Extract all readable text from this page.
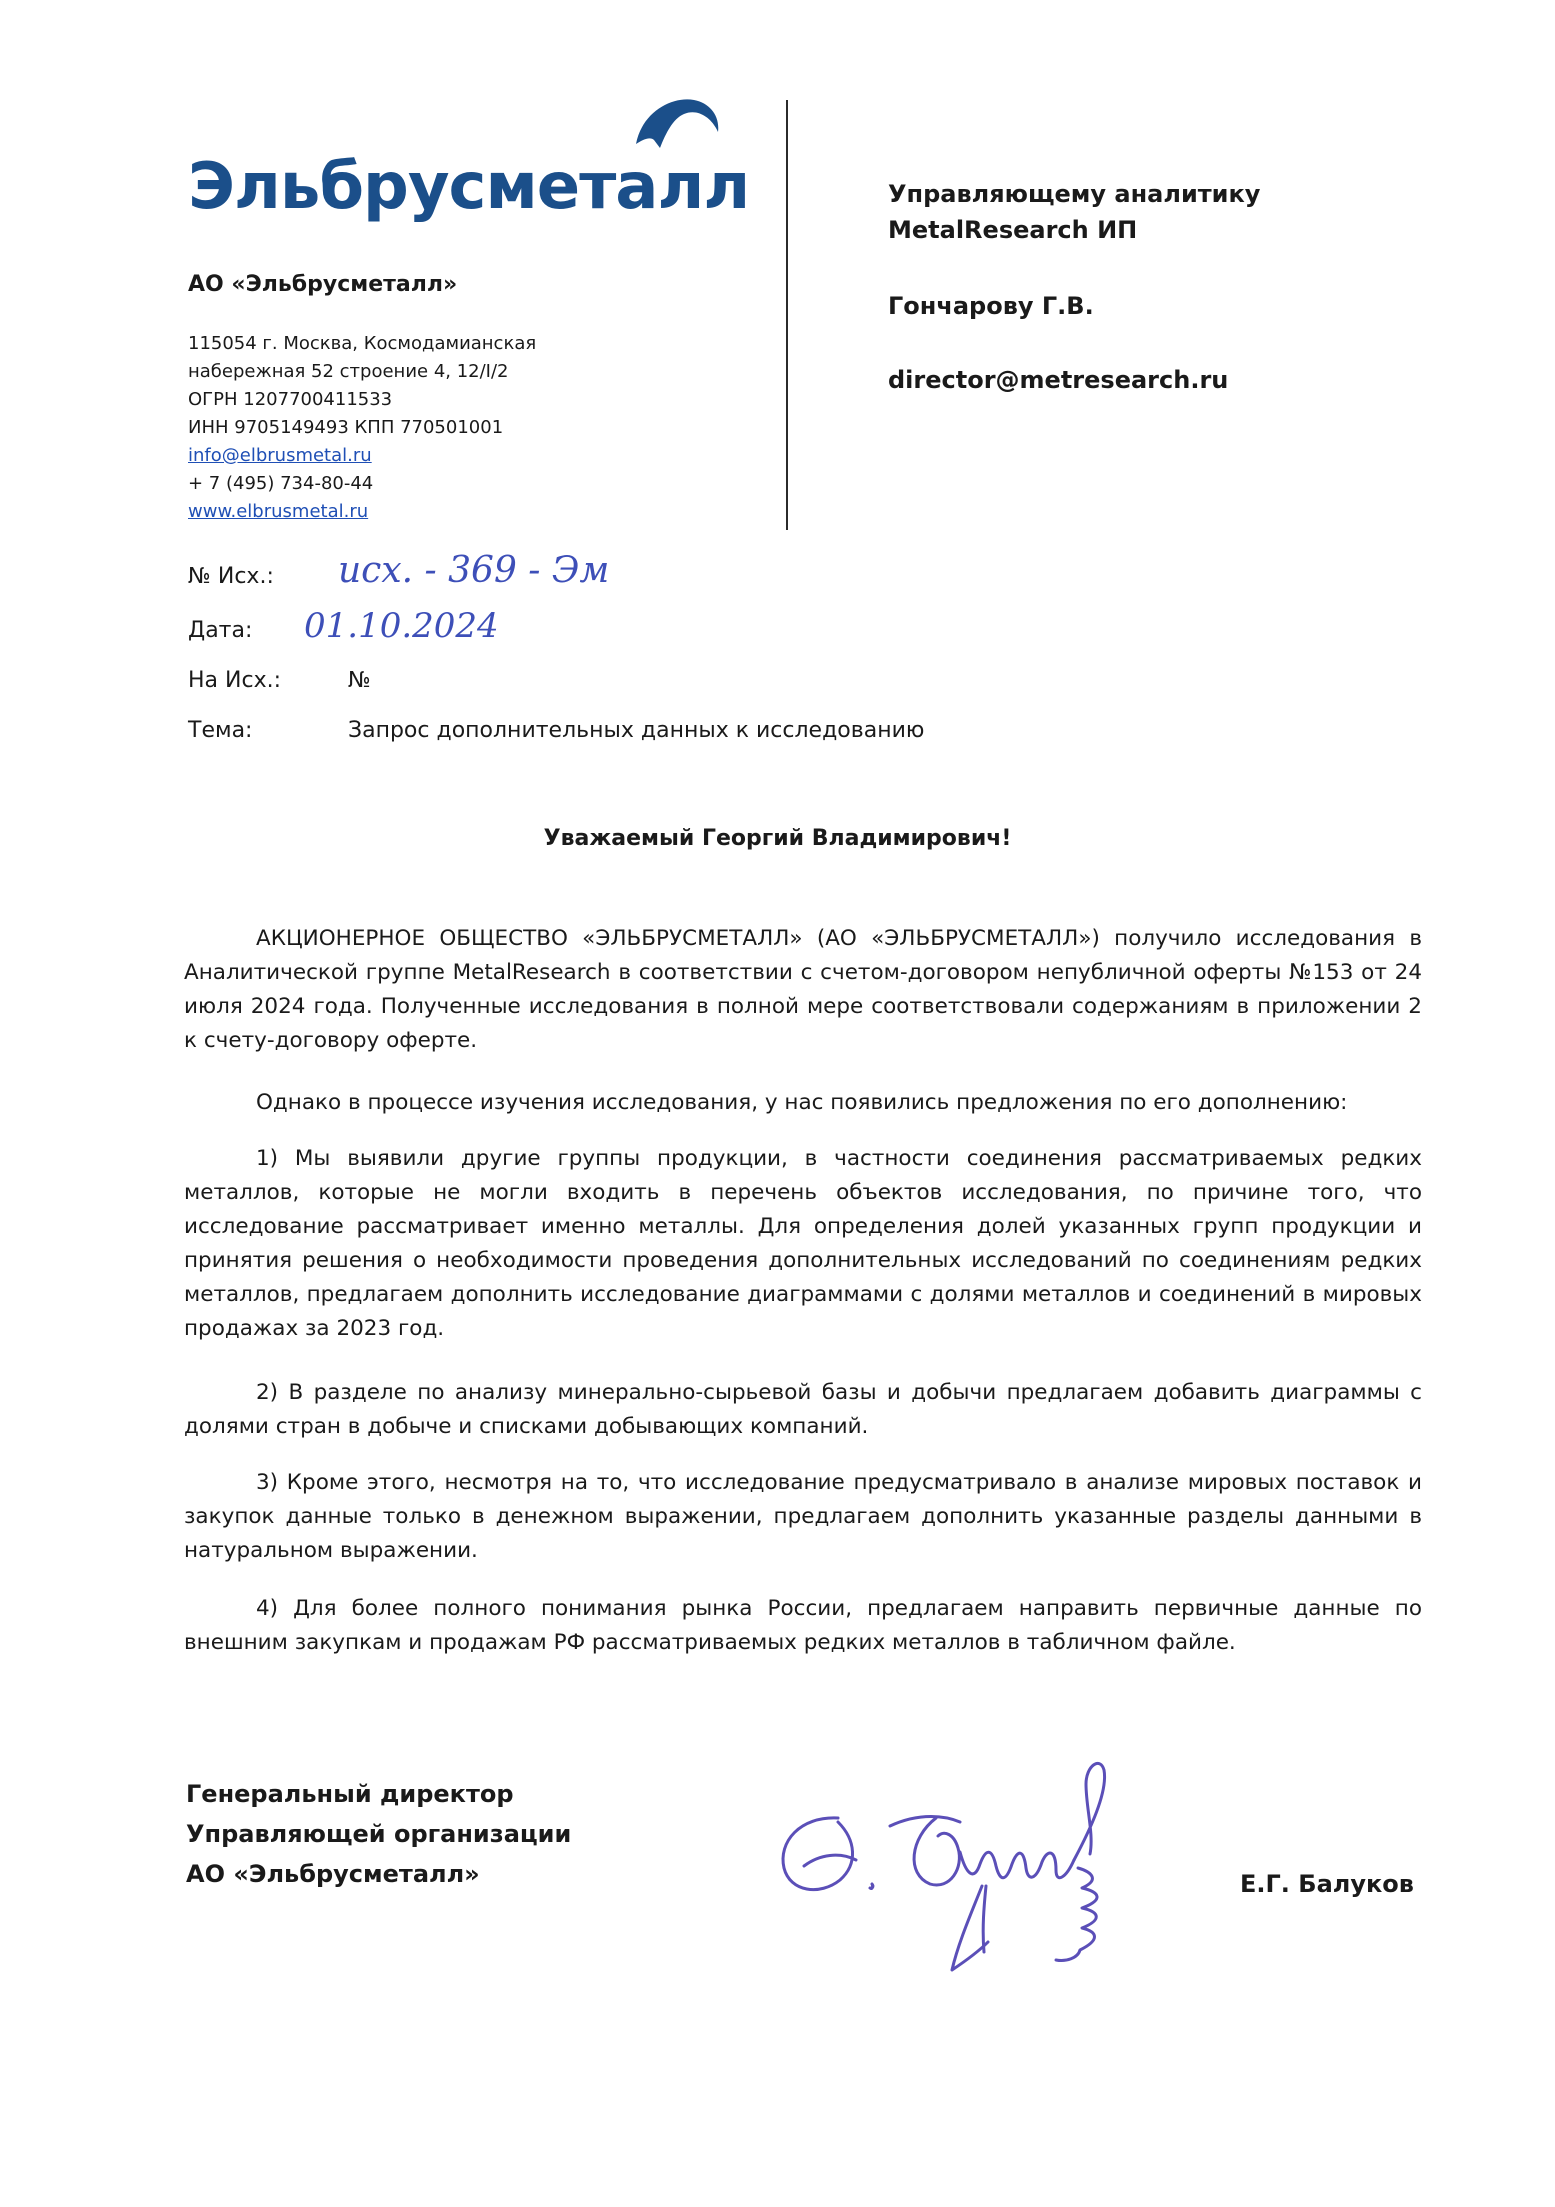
Эльбрусметалл
АО «Эльбрусметалл»
115054 г. Москва, Космодамианская
набережная 52 строение 4, 12/I/2
ОГРН 1207700411533
ИНН 9705149493 КПП 770501001
info@elbrusmetal.ru
+ 7 (495) 734-80-44
www.elbrusmetal.ru
Управляющему аналитику
MetalResearch ИП
Гончарову Г.В.
director@metresearch.ru
№ Исх.: исх. - 369 - Эм
Дата: 01.10.2024
На Исх.:	№
Тема:	Запрос дополнительных данных к исследованию
Уважаемый Георгий Владимирович!

АКЦИОНЕРНОЕ ОБЩЕСТВО «ЭЛЬБРУСМЕТАЛЛ» (АО «ЭЛЬБРУСМЕТАЛЛ») получило исследования в Аналитической группе MetalResearch в соответствии с счетом-договором непубличной оферты №153 от 24 июля 2024 года. Полученные исследования в полной мере соответствовали содержаниям в приложении 2 к счету-договору оферте.

Однако в процессе изучения исследования, у нас появились предложения по его дополнению:

1) Мы выявили другие группы продукции, в частности соединения рассматриваемых редких металлов, которые не могли входить в перечень объектов исследования, по причине того, что исследование рассматривает именно металлы. Для определения долей указанных групп продукции и принятия решения о необходимости проведения дополнительных исследований по соединениям редких металлов, предлагаем дополнить исследование диаграммами с долями металлов и соединений в мировых продажах за 2023 год.

2) В разделе по анализу минерально-сырьевой базы и добычи предлагаем добавить диаграммы с долями стран в добыче и списками добывающих компаний.

3) Кроме этого, несмотря на то, что исследование предусматривало в анализе мировых поставок и закупок данные только в денежном выражении, предлагаем дополнить указанные разделы данными в натуральном выражении.

4) Для более полного понимания рынка России, предлагаем направить первичные данные по внешним закупкам и продажам РФ рассматриваемых редких металлов в табличном файле.

Генеральный директор
Управляющей организации
АО «Эльбрусметалл»	Е.Г. Балуков
